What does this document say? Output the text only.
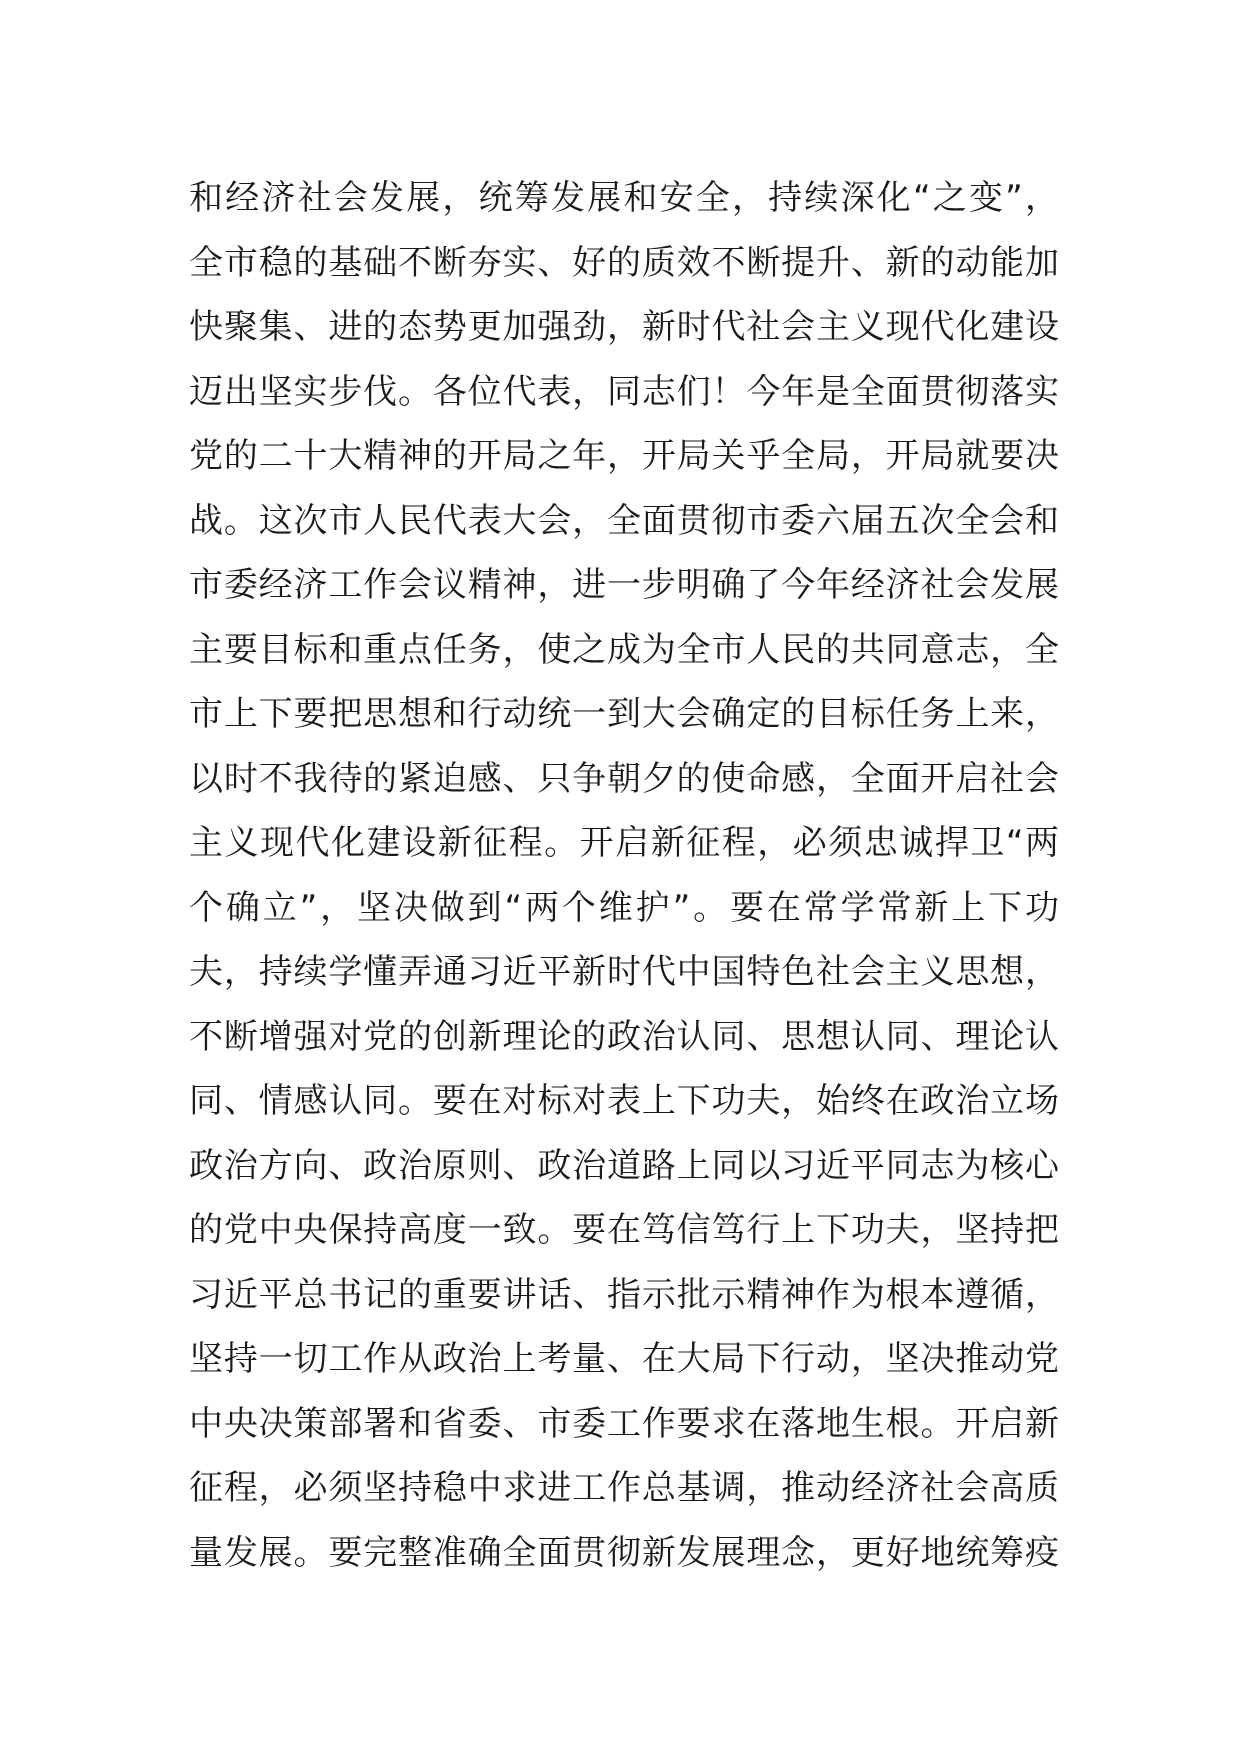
和经济社会发展，统筹发展和安全，持续深化“之变”，
全市稳的基础不断夯实、好的质效不断提升、新的动能加
快聚集、进的态势更加强劲，新时代社会主义现代化建设
迈出坚实步伐。各位代表，同志们！今年是全面贯彻落实
党的二十大精神的开局之年，开局关乎全局，开局就要决
战。这次市人民代表大会，全面贯彻市委六届五次全会和
市委经济工作会议精神，进一步明确了今年经济社会发展
主要目标和重点任务，使之成为全市人民的共同意志，全
市上下要把思想和行动统一到大会确定的目标任务上来，
以时不我待的紧迫感、只争朝夕的使命感，全面开启社会
主义现代化建设新征程。开启新征程，必须忠诚捍卫“两
个确立”，坚决做到“两个维护”。要在常学常新上下功
夫，持续学懂弄通习近平新时代中国特色社会主义思想，
不断增强对党的创新理论的政治认同、思想认同、理论认
同、情感认同。要在对标对表上下功夫，始终在政治立场
政治方向、政治原则、政治道路上同以习近平同志为核心
的党中央保持高度一致。要在笃信笃行上下功夫，坚持把
习近平总书记的重要讲话、指示批示精神作为根本遵循，
坚持一切工作从政治上考量、在大局下行动，坚决推动党
中央决策部署和省委、市委工作要求在落地生根。开启新
征程，必须坚持稳中求进工作总基调，推动经济社会高质
量发展。要完整准确全面贯彻新发展理念，更好地统筹疫
